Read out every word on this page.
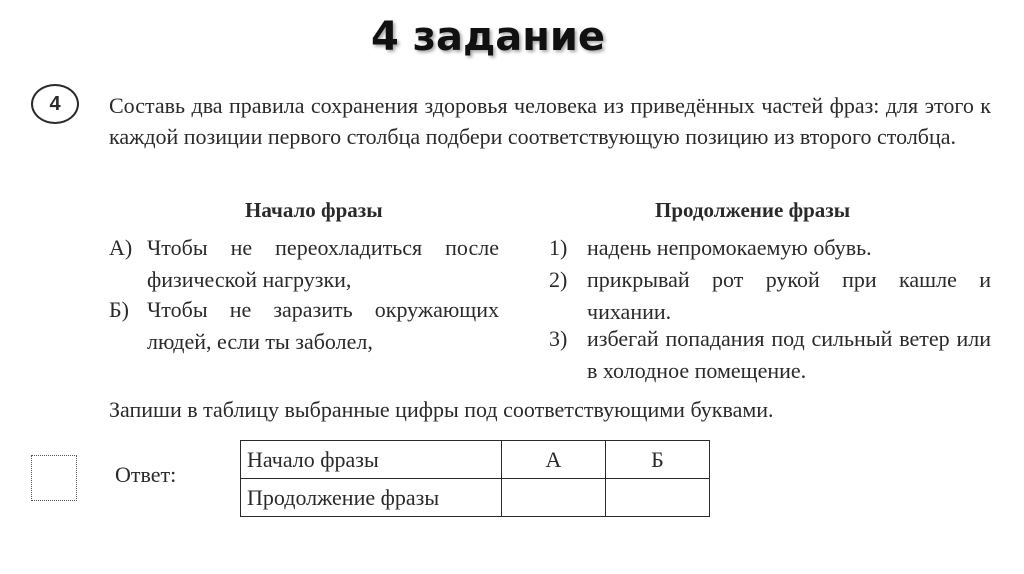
4 задание
4	Составь два правила сохранения здоровья человека из приведённых частей фраз: для этого к каждой позиции первого столбца подбери соответствующую позицию из второго столбца.

Начало фразы	Продолжение фразы
А) Чтобы не переохладиться после физической нагрузки,
Б) Чтобы не заразить окружающих людей, если ты заболел,
1) надень непромокаемую обувь.
2) прикрывай рот рукой при кашле и чихании.
3) избегай попадания под сильный ветер или в холодное помещение.

Запиши в таблицу выбранные цифры под соответствующими буквами.

Ответ:
Начало фразы	А	Б
Продолжение фразы		
